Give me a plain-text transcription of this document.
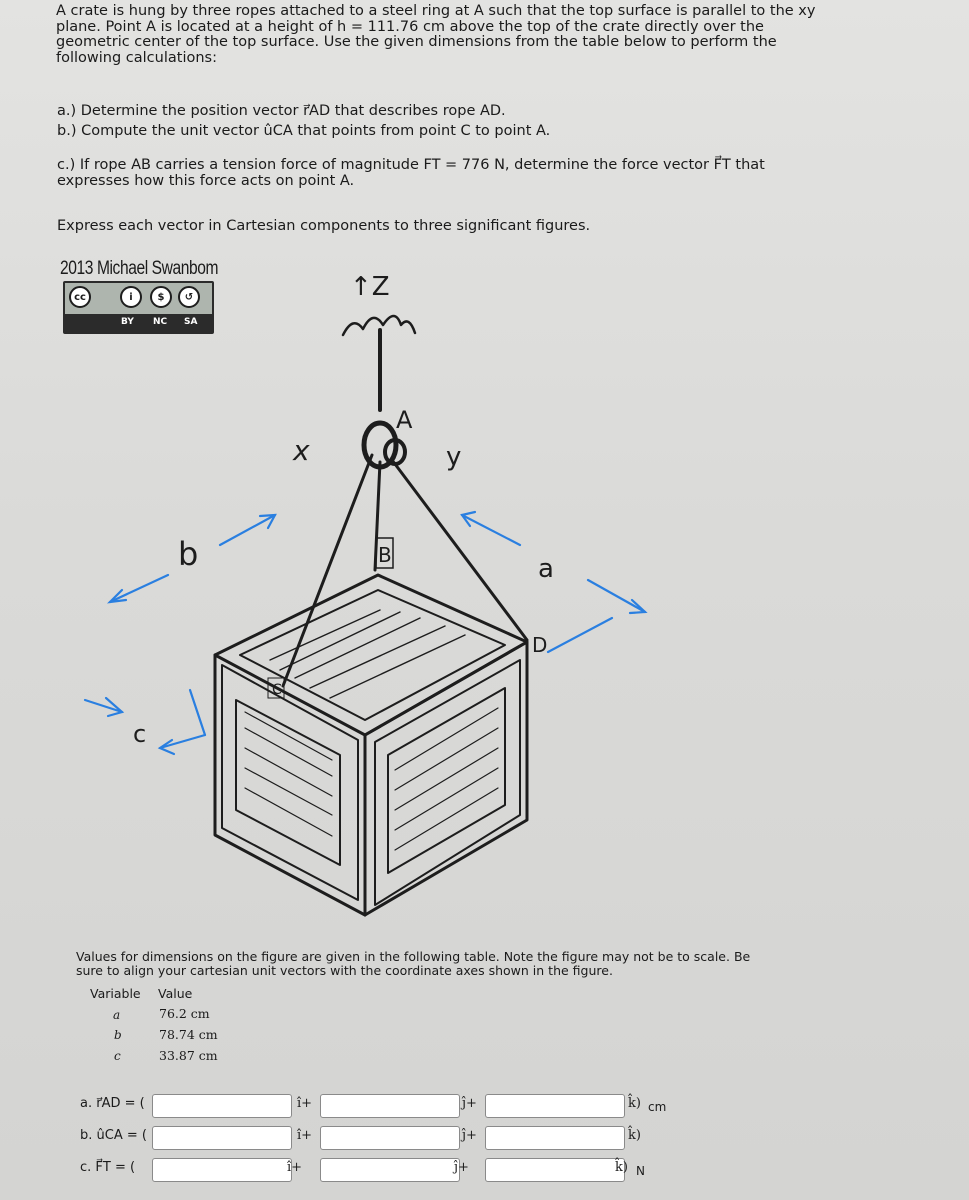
A crate is hung by three ropes attached to a steel ring at A such that the top surface is parallel to the xy
plane. Point A is located at a height of h = 111.76 cm above the top of the crate directly over the
geometric center of the top surface. Use the given dimensions from the table below to perform the
following calculations:
a.) Determine the position vector r⃗AD that describes rope AD.
b.) Compute the unit vector ûCA that points from point C to point A.
c.) If rope AB carries a tension force of magnitude FT = 776 N, determine the force vector F⃗T that
expresses how this force acts on point A.
Express each vector in Cartesian components to three significant figures.
2013 Michael Swanbom
cc	i	$	↺
BY NC SA
↑Z
A
x	y
b	B	a
D
C
c
Values for dimensions on the figure are given in the following table. Note the figure may not be to scale. Be
sure to align your cartesian unit vectors with the coordinate axes shown in the figure.
Variable Value
a	76.2 cm
b	78.74 cm
c	33.87 cm
a. r⃗AD = (	î+	ĵ+	k̂) cm
b. ûCA = (	î+	ĵ+	k̂)
c. F⃗T = (	î+	ĵ+	k̂) N
